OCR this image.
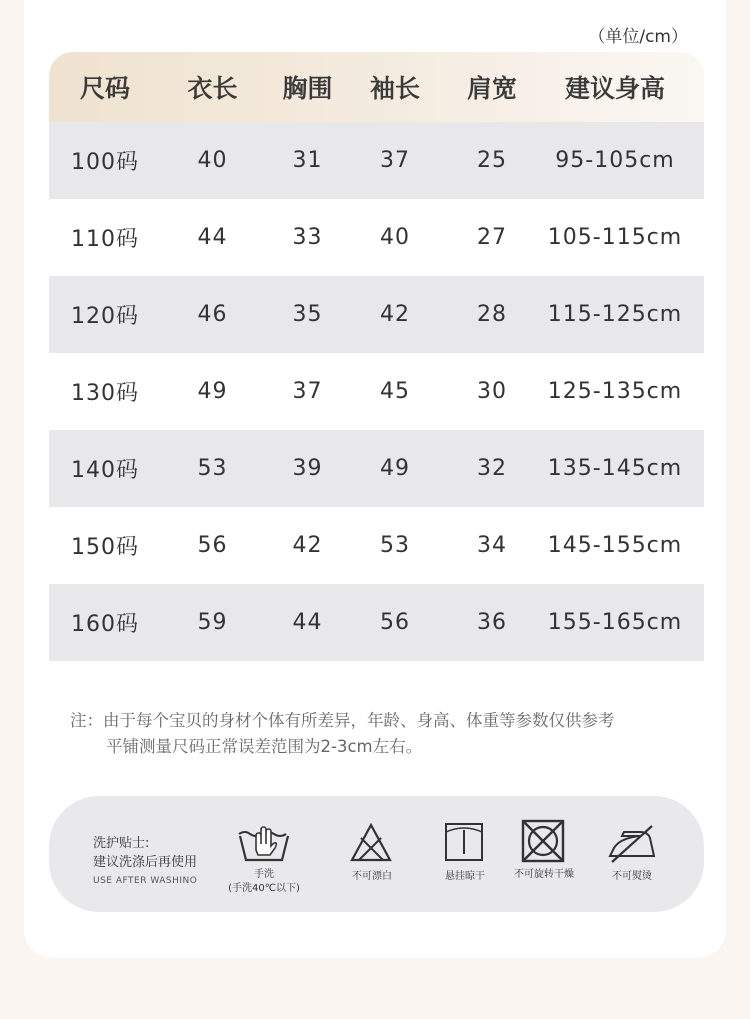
（单位/cm）
尺码	衣长	胸围	袖长	肩宽	建议身高
100码	40	31	37	25	95-105cm
110码	44	33	40	27	105-115cm
120码	46	35	42	28	115-125cm
130码	49	37	45	30	125-135cm
140码	53	39	49	32	135-145cm
150码	56	42	53	34	145-155cm
160码	59	44	56	36	155-165cm
注：由于每个宝贝的身材个体有所差异，年龄、身高、体重等参数仅供参考
平铺测量尺码正常误差范围为2-3cm左右。
洗护贴士:
建议洗涤后再使用
USE AFTER WASHINO
手洗
(手洗40℃以下)
不可漂白	悬挂晾干	不可旋转干燥	不可熨烫
